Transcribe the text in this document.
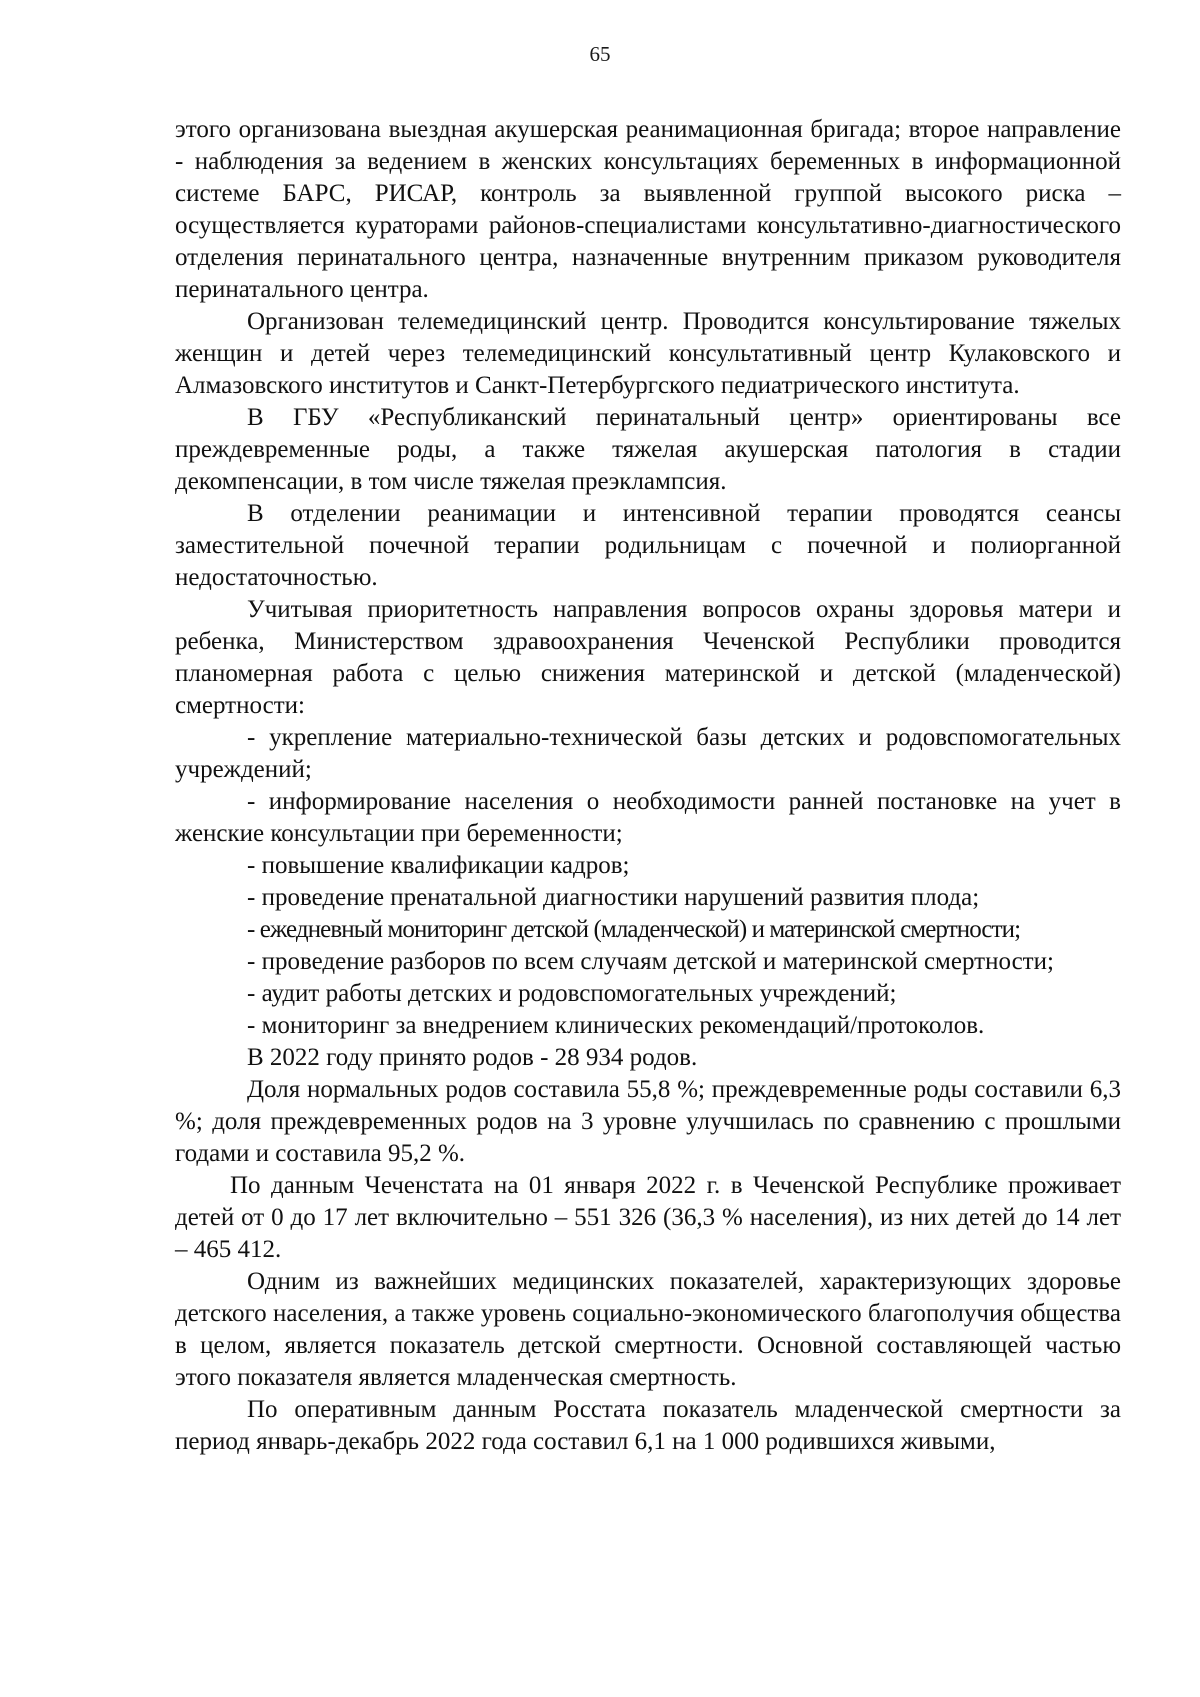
65

этого организована выездная акушерская реанимационная бригада; второе направление - наблюдения за ведением в женских консультациях беременных в информационной системе БАРС, РИСАР, контроль за выявленной группой высокого риска – осуществляется кураторами районов-специалистами консультативно-диагностического отделения перинатального центра, назначенные внутренним приказом руководителя перинатального центра.

Организован телемедицинский центр. Проводится консультирование тяжелых женщин и детей через телемедицинский консультативный центр Кулаковского и Алмазовского институтов и Санкт-Петербургского педиатрического института.

В ГБУ «Республиканский перинатальный центр» ориентированы все преждевременные роды, а также тяжелая акушерская патология в стадии декомпенсации, в том числе тяжелая преэклампсия.

В отделении реанимации и интенсивной терапии проводятся сеансы заместительной почечной терапии родильницам с почечной и полиорганной недостаточностью.

Учитывая приоритетность направления вопросов охраны здоровья матери и ребенка, Министерством здравоохранения Чеченской Республики проводится планомерная работа с целью снижения материнской и детской (младенческой) смертности:

- укрепление материально-технической базы детских и родовспомогательных учреждений;

- информирование населения о необходимости ранней постановке на учет в женские консультации при беременности;

- повышение квалификации кадров;

- проведение пренатальной диагностики нарушений развития плода;

- ежедневный мониторинг детской (младенческой) и материнской смертности;

- проведение разборов по всем случаям детской и материнской смертности;

- аудит работы детских и родовспомогательных учреждений;

- мониторинг за внедрением клинических рекомендаций/протоколов.

В 2022 году принято родов - 28 934 родов.

Доля нормальных родов составила 55,8 %; преждевременные роды составили 6,3 %; доля преждевременных родов на 3 уровне улучшилась по сравнению с прошлыми годами и составила 95,2 %.

По данным Чеченстата на 01 января 2022 г. в Чеченской Республике проживает детей от 0 до 17 лет включительно – 551 326 (36,3 % населения), из них детей до 14 лет – 465 412.

Одним из важнейших медицинских показателей, характеризующих здоровье детского населения, а также уровень социально-экономического благополучия общества в целом, является показатель детской смертности. Основной составляющей частью этого показателя является младенческая смертность.

По оперативным данным Росстата показатель младенческой смертности за период январь-декабрь 2022 года составил 6,1 на 1 000 родившихся живыми,
